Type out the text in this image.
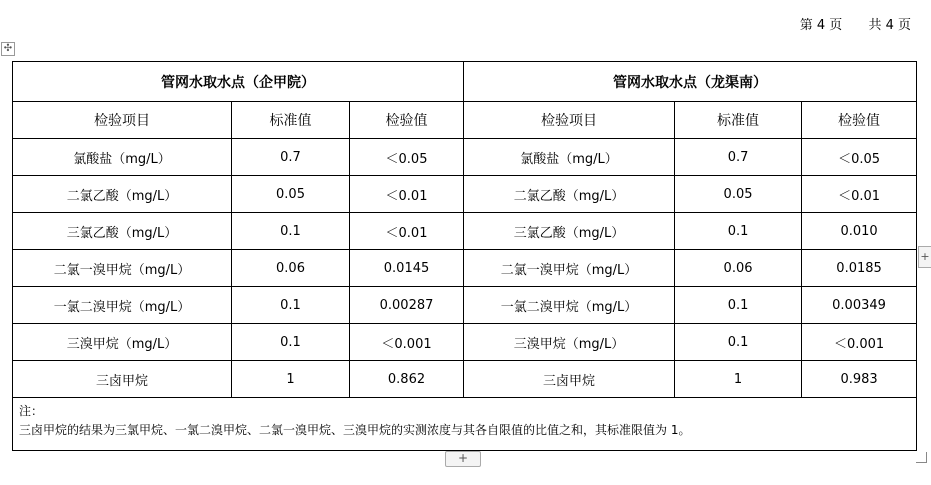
第 4 页 共 4 页
✣
管网水取水点（企甲院）			管网水取水点（龙渠南）		
检验项目	标准值	检验值	检验项目	标准值	检验值
氯酸盐（mg/L）	0.7	＜0.05	氯酸盐（mg/L）	0.7	＜0.05
二氯乙酸（mg/L）	0.05	＜0.01	二氯乙酸（mg/L）	0.05	＜0.01
三氯乙酸（mg/L）	0.1	＜0.01	三氯乙酸（mg/L）	0.1	0.010
二氯一溴甲烷（mg/L）	0.06	0.0145	二氯一溴甲烷（mg/L）	0.06	0.0185
一氯二溴甲烷（mg/L）	0.1	0.00287	一氯二溴甲烷（mg/L）	0.1	0.00349
三溴甲烷（mg/L）	0.1	＜0.001	三溴甲烷（mg/L）	0.1	＜0.001
三卤甲烷	1	0.862	三卤甲烷	1	0.983

注：
三卤甲烷的结果为三氯甲烷、一氯二溴甲烷、二氯一溴甲烷、三溴甲烷的实测浓度与其各自限值的比值之和，其标准限值为 1。					
+
+
